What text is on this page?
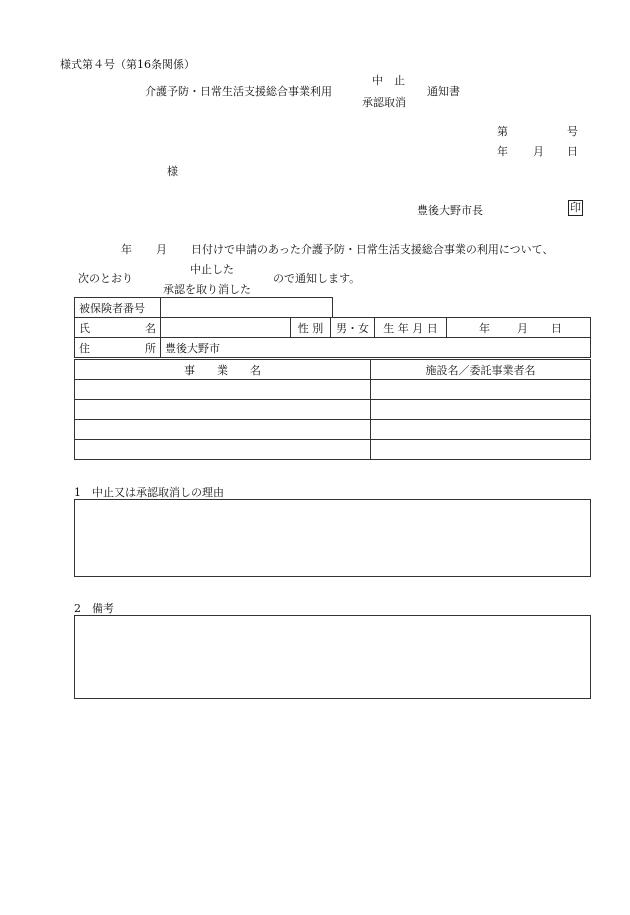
様式第４号（第16条関係）
介護予防・日常生活支援総合事業利用
中　止
承認取消
通知書
第	号
年 月 日
様
豊後大野市長	印
年 月 日付けで申請のあった介護予防・日常生活支援総合事業の利用について、
次のとおり
中止した
承認を取り消した
ので通知します。
被保険者番号	
氏　　名		性 別	男・女	生 年 月 日	年 月 日

住　　所	豊後大野市				
事　　業　　名	施設名／委託事業者名

1　中止又は承認取消しの理由
2　備考
